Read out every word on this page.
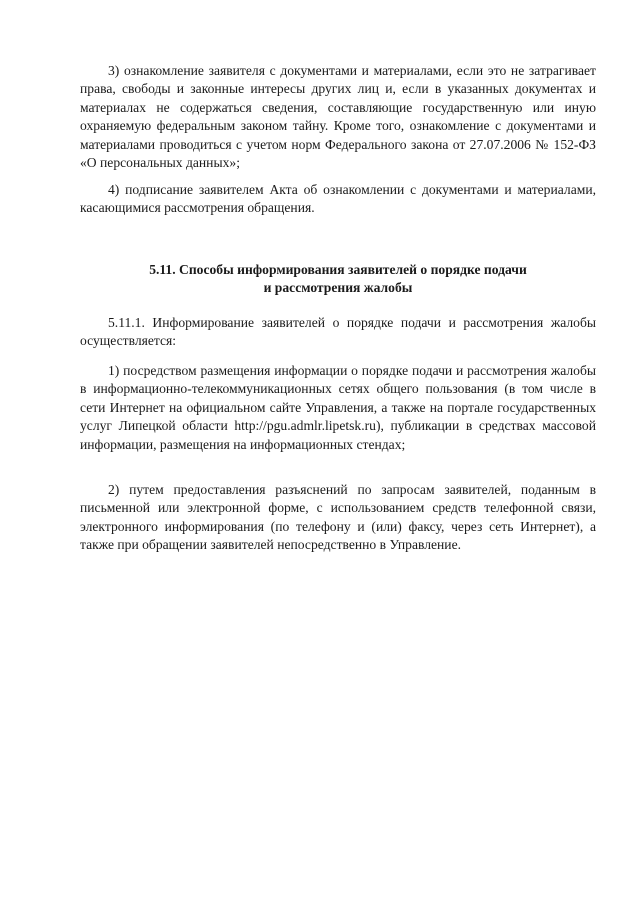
3) ознакомление заявителя с документами и материалами, если это не затрагивает права, свободы и законные интересы других лиц и, если в указанных документах и материалах не содержаться сведения, составляющие государственную или иную охраняемую федеральным законом тайну. Кроме того, ознакомление с документами и материалами проводиться с учетом норм Федерального закона от 27.07.2006 № 152-ФЗ «О персональных данных»;

4) подписание заявителем Акта об ознакомлении с документами и материалами, касающимися рассмотрения обращения.

5.11. Способы информирования заявителей о порядке подачи
и рассмотрения жалобы

5.11.1. Информирование заявителей о порядке подачи и рассмотрения жалобы осуществляется:

1) посредством размещения информации о порядке подачи и рассмотрения жалобы в информационно-телекоммуникационных сетях общего пользования (в том числе в сети Интернет на официальном сайте Управления, а также на портале государственных услуг Липецкой области http://pgu.admlr.lipetsk.ru), публикации в средствах массовой информации, размещения на информационных стендах;

2) путем предоставления разъяснений по запросам заявителей, поданным в письменной или электронной форме, с использованием средств телефонной связи, электронного информирования (по телефону и (или) факсу, через сеть Интернет), а также при обращении заявителей непосредственно в Управление.
